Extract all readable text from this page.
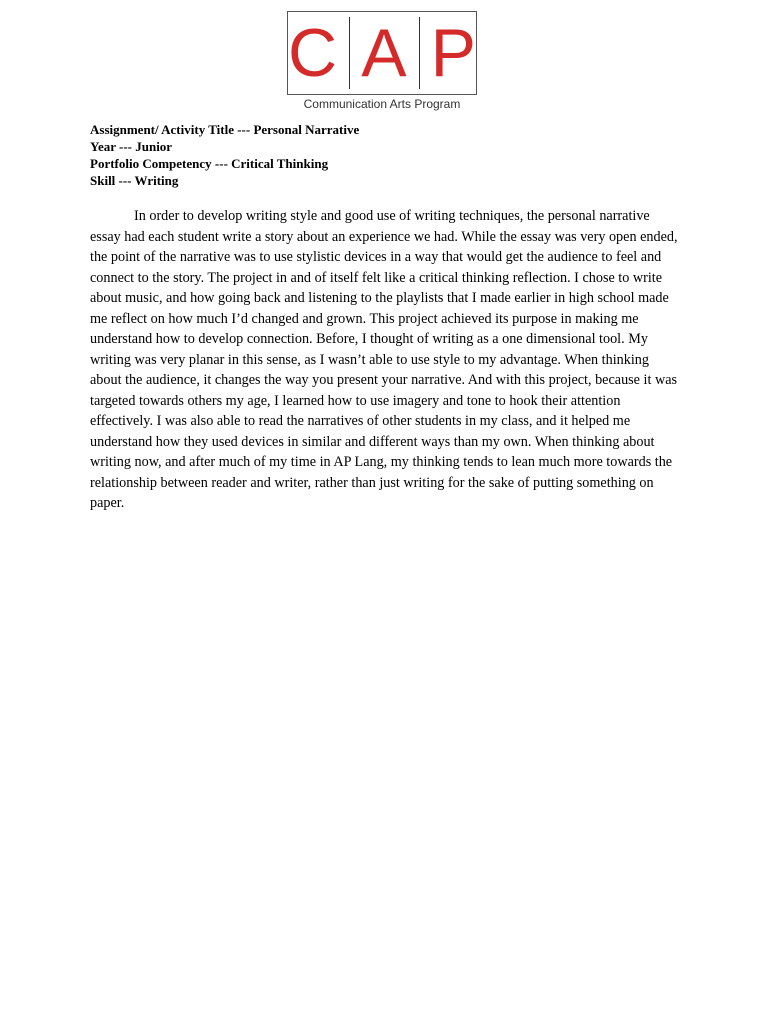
C A P
Communication Arts Program
Assignment/ Activity Title --- Personal Narrative
Year --- Junior
Portfolio Competency --- Critical Thinking
Skill --- Writing

In order to develop writing style and good use of writing techniques, the personal narrative essay had each student write a story about an experience we had. While the essay was very open ended, the point of the narrative was to use stylistic devices in a way that would get the audience to feel and connect to the story. The project in and of itself felt like a critical thinking reflection. I chose to write about music, and how going back and listening to the playlists that I made earlier in high school made me reflect on how much I’d changed and grown. This project achieved its purpose in making me understand how to develop connection. Before, I thought of writing as a one dimensional tool. My writing was very planar in this sense, as I wasn’t able to use style to my advantage. When thinking about the audience, it changes the way you present your narrative. And with this project, because it was targeted towards others my age, I learned how to use imagery and tone to hook their attention effectively. I was also able to read the narratives of other students in my class, and it helped me understand how they used devices in similar and different ways than my own. When thinking about writing now, and after much of my time in AP Lang, my thinking tends to lean much more towards the relationship between reader and writer, rather than just writing for the sake of putting something on paper.
